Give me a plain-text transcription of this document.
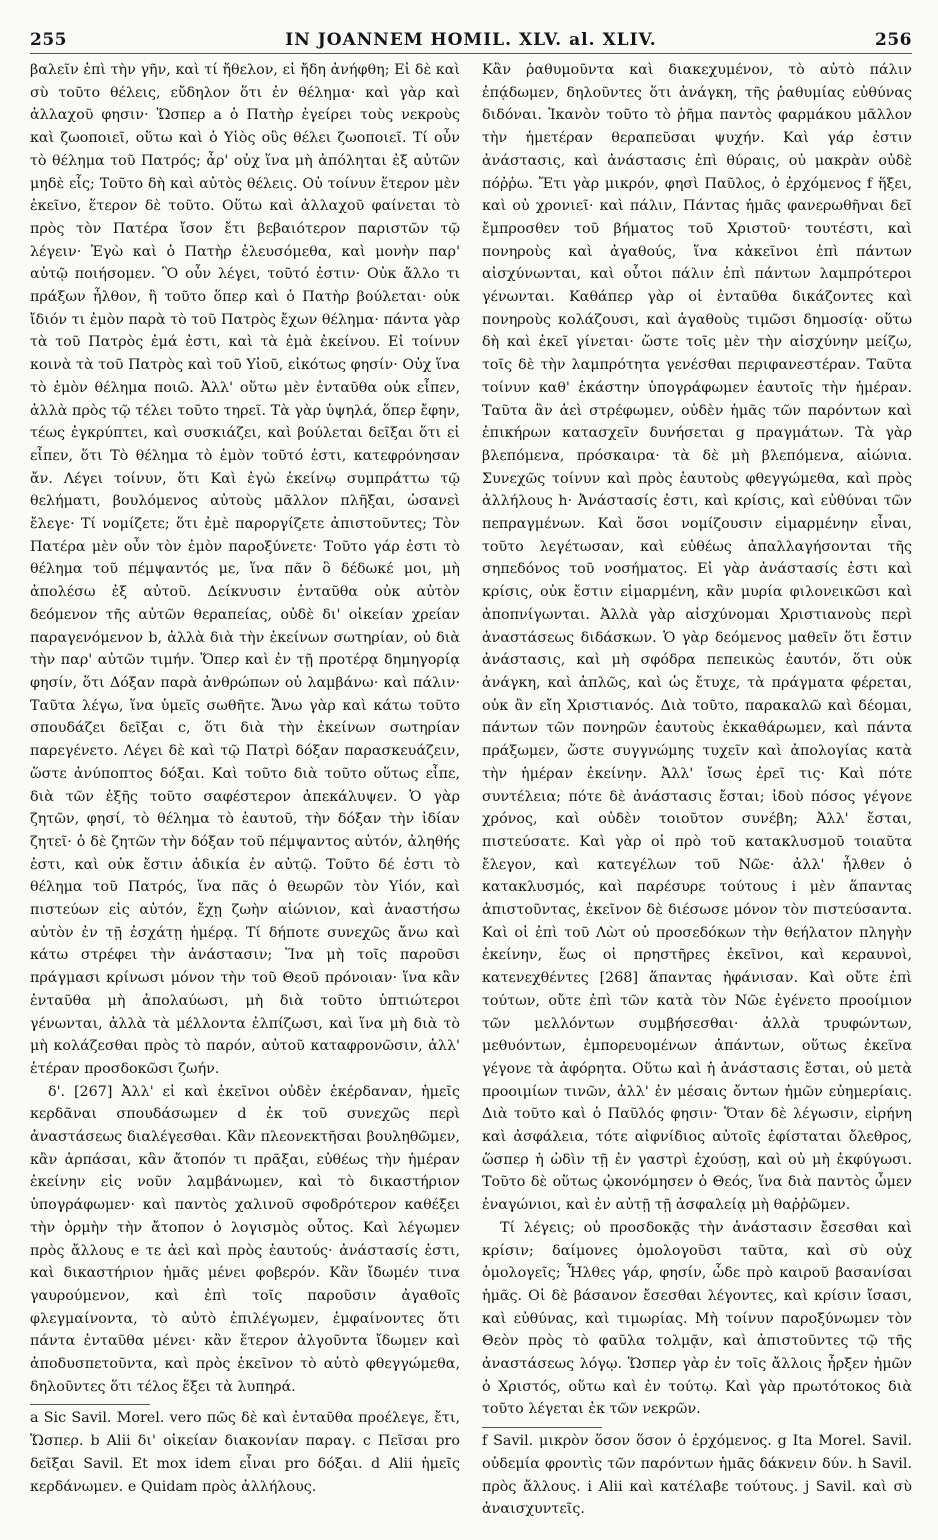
255	IN JOANNEM HOMIL. XLV. al. XLIV.	256

βαλεῖν ἐπὶ τὴν γῆν, καὶ τί ἤθελον, εἰ ἤδη ἀνήφθη; Εἰ δὲ καὶ σὺ τοῦτο θέλεις, εὔδηλον ὅτι ἐν θέλημα· καὶ γὰρ καὶ ἀλλαχοῦ φησιν· Ὥσπερ a ὁ Πατὴρ ἐγείρει τοὺς νεκροὺς καὶ ζωοποιεῖ, οὕτω καὶ ὁ Υἱὸς οὓς θέλει ζωοποιεῖ. Τί οὖν τὸ θέλημα τοῦ Πατρός; ἆρ' οὐχ ἵνα μὴ ἀπόληται ἐξ αὐτῶν μηδὲ εἷς; Τοῦτο δὴ καὶ αὐτὸς θέλεις. Οὐ τοίνυν ἕτερον μὲν ἐκεῖνο, ἕτερον δὲ τοῦτο. Οὕτω καὶ ἀλλαχοῦ φαίνεται τὸ πρὸς τὸν Πατέρα ἴσον ἔτι βεβαιότερον παριστῶν τῷ λέγειν· Ἐγὼ καὶ ὁ Πατὴρ ἐλευσόμεθα, καὶ μονὴν παρ' αὐτῷ ποιήσομεν. Ὃ οὖν λέγει, τοῦτό ἐστιν· Οὐκ ἄλλο τι πράξων ἦλθον, ἢ τοῦτο ὅπερ καὶ ὁ Πατὴρ βούλεται· οὐκ ἴδιόν τι ἐμὸν παρὰ τὸ τοῦ Πατρὸς ἔχων θέλημα· πάντα γὰρ τὰ τοῦ Πατρὸς ἐμά ἐστι, καὶ τὰ ἐμὰ ἐκείνου. Εἰ τοίνυν κοινὰ τὰ τοῦ Πατρὸς καὶ τοῦ Υἱοῦ, εἰκότως φησίν· Οὐχ ἵνα τὸ ἐμὸν θέλημα ποιῶ. Ἀλλ' οὕτω μὲν ἐνταῦθα οὐκ εἶπεν, ἀλλὰ πρὸς τῷ τέλει τοῦτο τηρεῖ. Τὰ γὰρ ὑψηλά, ὅπερ ἔφην, τέως ἐγκρύπτει, καὶ συσκιάζει, καὶ βούλεται δεῖξαι ὅτι εἰ εἶπεν, ὅτι Τὸ θέλημα τὸ ἐμὸν τοῦτό ἐστι, κατεφρόνησαν ἄν. Λέγει τοίνυν, ὅτι Καὶ ἐγὼ ἐκείνῳ συμπράττω τῷ θελήματι, βουλόμενος αὐτοὺς μᾶλλον πλῆξαι, ὡσανεὶ ἔλεγε· Τί νομίζετε; ὅτι ἐμὲ παροργίζετε ἀπιστοῦντες; Τὸν Πατέρα μὲν οὖν τὸν ἐμὸν παροξύνετε· Τοῦτο γάρ ἐστι τὸ θέλημα τοῦ πέμψαντός με, ἵνα πᾶν ὃ δέδωκέ μοι, μὴ ἀπολέσω ἐξ αὐτοῦ. Δείκνυσιν ἐνταῦθα οὐκ αὐτὸν δεόμενον τῆς αὐτῶν θεραπείας, οὐδὲ δι' οἰκείαν χρείαν παραγενόμενον b, ἀλλὰ διὰ τὴν ἐκείνων σωτηρίαν, οὐ διὰ τὴν παρ' αὐτῶν τιμήν. Ὅπερ καὶ ἐν τῇ προτέρᾳ δημηγορίᾳ φησίν, ὅτι Δόξαν παρὰ ἀνθρώπων οὐ λαμβάνω· καὶ πάλιν· Ταῦτα λέγω, ἵνα ὑμεῖς σωθῆτε. Ἄνω γὰρ καὶ κάτω τοῦτο σπουδάζει δεῖξαι c, ὅτι διὰ τὴν ἐκείνων σωτηρίαν παρεγένετο. Λέγει δὲ καὶ τῷ Πατρὶ δόξαν παρασκευάζειν, ὥστε ἀνύποπτος δόξαι. Καὶ τοῦτο διὰ τοῦτο οὕτως εἶπε, διὰ τῶν ἑξῆς τοῦτο σαφέστερον ἀπεκάλυψεν. Ὁ γὰρ ζητῶν, φησί, τὸ θέλημα τὸ ἑαυτοῦ, τὴν δόξαν τὴν ἰδίαν ζητεῖ· ὁ δὲ ζητῶν τὴν δόξαν τοῦ πέμψαντος αὐτόν, ἀληθής ἐστι, καὶ οὐκ ἔστιν ἀδικία ἐν αὐτῷ. Τοῦτο δέ ἐστι τὸ θέλημα τοῦ Πατρός, ἵνα πᾶς ὁ θεωρῶν τὸν Υἱόν, καὶ πιστεύων εἰς αὐτόν, ἔχῃ ζωὴν αἰώνιον, καὶ ἀναστήσω αὐτὸν ἐν τῇ ἐσχάτῃ ἡμέρᾳ. Τί δήποτε συνεχῶς ἄνω καὶ κάτω στρέφει τὴν ἀνάστασιν; Ἵνα μὴ τοῖς παροῦσι πράγμασι κρίνωσι μόνον τὴν τοῦ Θεοῦ πρόνοιαν· ἵνα κἂν ἐνταῦθα μὴ ἀπολαύωσι, μὴ διὰ τοῦτο ὑπτιώτεροι γένωνται, ἀλλὰ τὰ μέλλοντα ἐλπίζωσι, καὶ ἵνα μὴ διὰ τὸ μὴ κολάζεσθαι πρὸς τὸ παρόν, αὐτοῦ καταφρονῶσιν, ἀλλ' ἑτέραν προσδοκῶσι ζωήν.

δ'. [267] Ἀλλ' εἰ καὶ ἐκεῖνοι οὐδὲν ἐκέρδαναν, ἡμεῖς κερδᾶναι σπουδάσωμεν d ἐκ τοῦ συνεχῶς περὶ ἀναστάσεως διαλέγεσθαι. Κἂν πλεονεκτῆσαι βουληθῶμεν, κἂν ἁρπάσαι, κἂν ἄτοπόν τι πρᾶξαι, εὐθέως τὴν ἡμέραν ἐκείνην εἰς νοῦν λαμβάνωμεν, καὶ τὸ δικαστήριον ὑπογράφωμεν· καὶ παντὸς χαλινοῦ σφοδρότερον καθέξει τὴν ὁρμὴν τὴν ἄτοπον ὁ λογισμὸς οὗτος. Καὶ λέγωμεν πρὸς ἄλλους e τε ἀεὶ καὶ πρὸς ἑαυτούς· ἀνάστασίς ἐστι, καὶ δικαστήριον ἡμᾶς μένει φοβερόν. Κἂν ἴδωμέν τινα γαυρούμενον, καὶ ἐπὶ τοῖς παροῦσιν ἀγαθοῖς φλεγμαίνοντα, τὸ αὐτὸ ἐπιλέγωμεν, ἐμφαίνοντες ὅτι πάντα ἐνταῦθα μένει· κἂν ἕτερον ἀλγοῦντα ἴδωμεν καὶ ἀποδυσπετοῦντα, καὶ πρὸς ἐκεῖνον τὸ αὐτὸ φθεγγώμεθα, δηλοῦντες ὅτι τέλος ἕξει τὰ λυπηρά.

a Sic Savil. Morel. vero πῶς δὲ καὶ ἐνταῦθα προέλεγε, ἔτι, Ὥσπερ. b Alii δι' οἰκείαν διακονίαν παραγ. c Πεῖσαι pro δεῖξαι Savil. Et mox idem εἶναι pro δόξαι. d Alii ἡμεῖς κερδάνωμεν. e Quidam πρὸς ἀλλήλους.

Κἂν ῥαθυμοῦντα καὶ διακεχυμένον, τὸ αὐτὸ πάλιν ἐπᾴδωμεν, δηλοῦντες ὅτι ἀνάγκη, τῆς ῥαθυμίας εὐθύνας διδόναι. Ἱκανὸν τοῦτο τὸ ῥῆμα παντὸς φαρμάκου μᾶλλον τὴν ἡμετέραν θεραπεῦσαι ψυχήν. Καὶ γάρ ἐστιν ἀνάστασις, καὶ ἀνάστασις ἐπὶ θύραις, οὐ μακρὰν οὐδὲ πόῤῥω. Ἔτι γὰρ μικρόν, φησὶ Παῦλος, ὁ ἐρχόμενος f ἥξει, καὶ οὐ χρονιεῖ· καὶ πάλιν, Πάντας ἡμᾶς φανερωθῆναι δεῖ ἔμπροσθεν τοῦ βήματος τοῦ Χριστοῦ· τουτέστι, καὶ πονηροὺς καὶ ἀγαθούς, ἵνα κἀκεῖνοι ἐπὶ πάντων αἰσχύνωνται, καὶ οὗτοι πάλιν ἐπὶ πάντων λαμπρότεροι γένωνται. Καθάπερ γὰρ οἱ ἐνταῦθα δικάζοντες καὶ πονηροὺς κολάζουσι, καὶ ἀγαθοὺς τιμῶσι δημοσίᾳ· οὕτω δὴ καὶ ἐκεῖ γίνεται· ὥστε τοῖς μὲν τὴν αἰσχύνην μείζω, τοῖς δὲ τὴν λαμπρότητα γενέσθαι περιφανεστέραν. Ταῦτα τοίνυν καθ' ἑκάστην ὑπογράφωμεν ἑαυτοῖς τὴν ἡμέραν. Ταῦτα ἂν ἀεὶ στρέφωμεν, οὐδὲν ἡμᾶς τῶν παρόντων καὶ ἐπικήρων κατασχεῖν δυνήσεται g πραγμάτων. Τὰ γὰρ βλεπόμενα, πρόσκαιρα· τὰ δὲ μὴ βλεπόμενα, αἰώνια. Συνεχῶς τοίνυν καὶ πρὸς ἑαυτοὺς φθεγγώμεθα, καὶ πρὸς ἀλλήλους h· Ἀνάστασίς ἐστι, καὶ κρίσις, καὶ εὐθύναι τῶν πεπραγμένων. Καὶ ὅσοι νομίζουσιν εἱμαρμένην εἶναι, τοῦτο λεγέτωσαν, καὶ εὐθέως ἀπαλλαγήσονται τῆς σηπεδόνος τοῦ νοσήματος. Εἰ γὰρ ἀνάστασίς ἐστι καὶ κρίσις, οὐκ ἔστιν εἱμαρμένη, κἂν μυρία φιλονεικῶσι καὶ ἀποπνίγωνται. Ἀλλὰ γὰρ αἰσχύνομαι Χριστιανοὺς περὶ ἀναστάσεως διδάσκων. Ὁ γὰρ δεόμενος μαθεῖν ὅτι ἔστιν ἀνάστασις, καὶ μὴ σφόδρα πεπεικὼς ἑαυτόν, ὅτι οὐκ ἀνάγκη, καὶ ἁπλῶς, καὶ ὡς ἔτυχε, τὰ πράγματα φέρεται, οὐκ ἂν εἴη Χριστιανός. Διὰ τοῦτο, παρακαλῶ καὶ δέομαι, πάντων τῶν πονηρῶν ἑαυτοὺς ἐκκαθάρωμεν, καὶ πάντα πράξωμεν, ὥστε συγγνώμης τυχεῖν καὶ ἀπολογίας κατὰ τὴν ἡμέραν ἐκείνην. Ἀλλ' ἴσως ἐρεῖ τις· Καὶ πότε συντέλεια; πότε δὲ ἀνάστασις ἔσται; ἰδοὺ πόσος γέγονε χρόνος, καὶ οὐδὲν τοιοῦτον συνέβη; Ἀλλ' ἔσται, πιστεύσατε. Καὶ γὰρ οἱ πρὸ τοῦ κατακλυσμοῦ τοιαῦτα ἔλεγον, καὶ κατεγέλων τοῦ Νῶε· ἀλλ' ἦλθεν ὁ κατακλυσμός, καὶ παρέσυρε τούτους i μὲν ἅπαντας ἀπιστοῦντας, ἐκεῖνον δὲ διέσωσε μόνον τὸν πιστεύσαντα. Καὶ οἱ ἐπὶ τοῦ Λὼτ οὐ προσεδόκων τὴν θεήλατον πληγὴν ἐκείνην, ἕως οἱ πρηστῆρες ἐκεῖνοι, καὶ κεραυνοὶ, κατενεχθέντες [268] ἅπαντας ἠφάνισαν. Καὶ οὔτε ἐπὶ τούτων, οὔτε ἐπὶ τῶν κατὰ τὸν Νῶε ἐγένετο προοίμιον τῶν μελλόντων συμβήσεσθαι· ἀλλὰ τρυφώντων, μεθυόντων, ἐμπορευομένων ἁπάντων, οὕτως ἐκεῖνα γέγονε τὰ ἀφόρητα. Οὕτω καὶ ἡ ἀνάστασις ἔσται, οὐ μετὰ προοιμίων τινῶν, ἀλλ' ἐν μέσαις ὄντων ἡμῶν εὐημερίαις. Διὰ τοῦτο καὶ ὁ Παῦλός φησιν· Ὅταν δὲ λέγωσιν, εἰρήνη καὶ ἀσφάλεια, τότε αἰφνίδιος αὐτοῖς ἐφίσταται ὄλεθρος, ὥσπερ ἡ ὠδὶν τῇ ἐν γαστρὶ ἐχούσῃ, καὶ οὐ μὴ ἐκφύγωσι. Τοῦτο δὲ οὕτως ᾠκονόμησεν ὁ Θεός, ἵνα διὰ παντὸς ὦμεν ἐναγώνιοι, καὶ ἐν αὐτῇ τῇ ἀσφαλείᾳ μὴ θαῤῥῶμεν.

Τί λέγεις; οὐ προσδοκᾷς τὴν ἀνάστασιν ἔσεσθαι καὶ κρίσιν; δαίμονες ὁμολογοῦσι ταῦτα, καὶ σὺ οὐχ ὁμολογεῖς; Ἦλθες γάρ, φησίν, ὧδε πρὸ καιροῦ βασανίσαι ἡμᾶς. Οἱ δὲ βάσανον ἔσεσθαι λέγοντες, καὶ κρίσιν ἴσασι, καὶ εὐθύνας, καὶ τιμωρίας. Μὴ τοίνυν παροξύνωμεν τὸν Θεὸν πρὸς τὸ φαῦλα τολμᾷν, καὶ ἀπιστοῦντες τῷ τῆς ἀναστάσεως λόγῳ. Ὥσπερ γὰρ ἐν τοῖς ἄλλοις ἦρξεν ἡμῶν ὁ Χριστός, οὕτω καὶ ἐν τούτῳ. Καὶ γὰρ πρωτότοκος διὰ τοῦτο λέγεται ἐκ τῶν νεκρῶν.

f Savil. μικρὸν ὅσον ὅσον ὁ ἐρχόμενος. g Ita Morel. Savil. οὐδεμία φροντὶς τῶν παρόντων ἡμᾶς δάκνειν δύν. h Savil. πρὸς ἄλλους. i Alii καὶ κατέλαβε τούτους. j Savil. καὶ σὺ ἀναισχυντεῖς.
